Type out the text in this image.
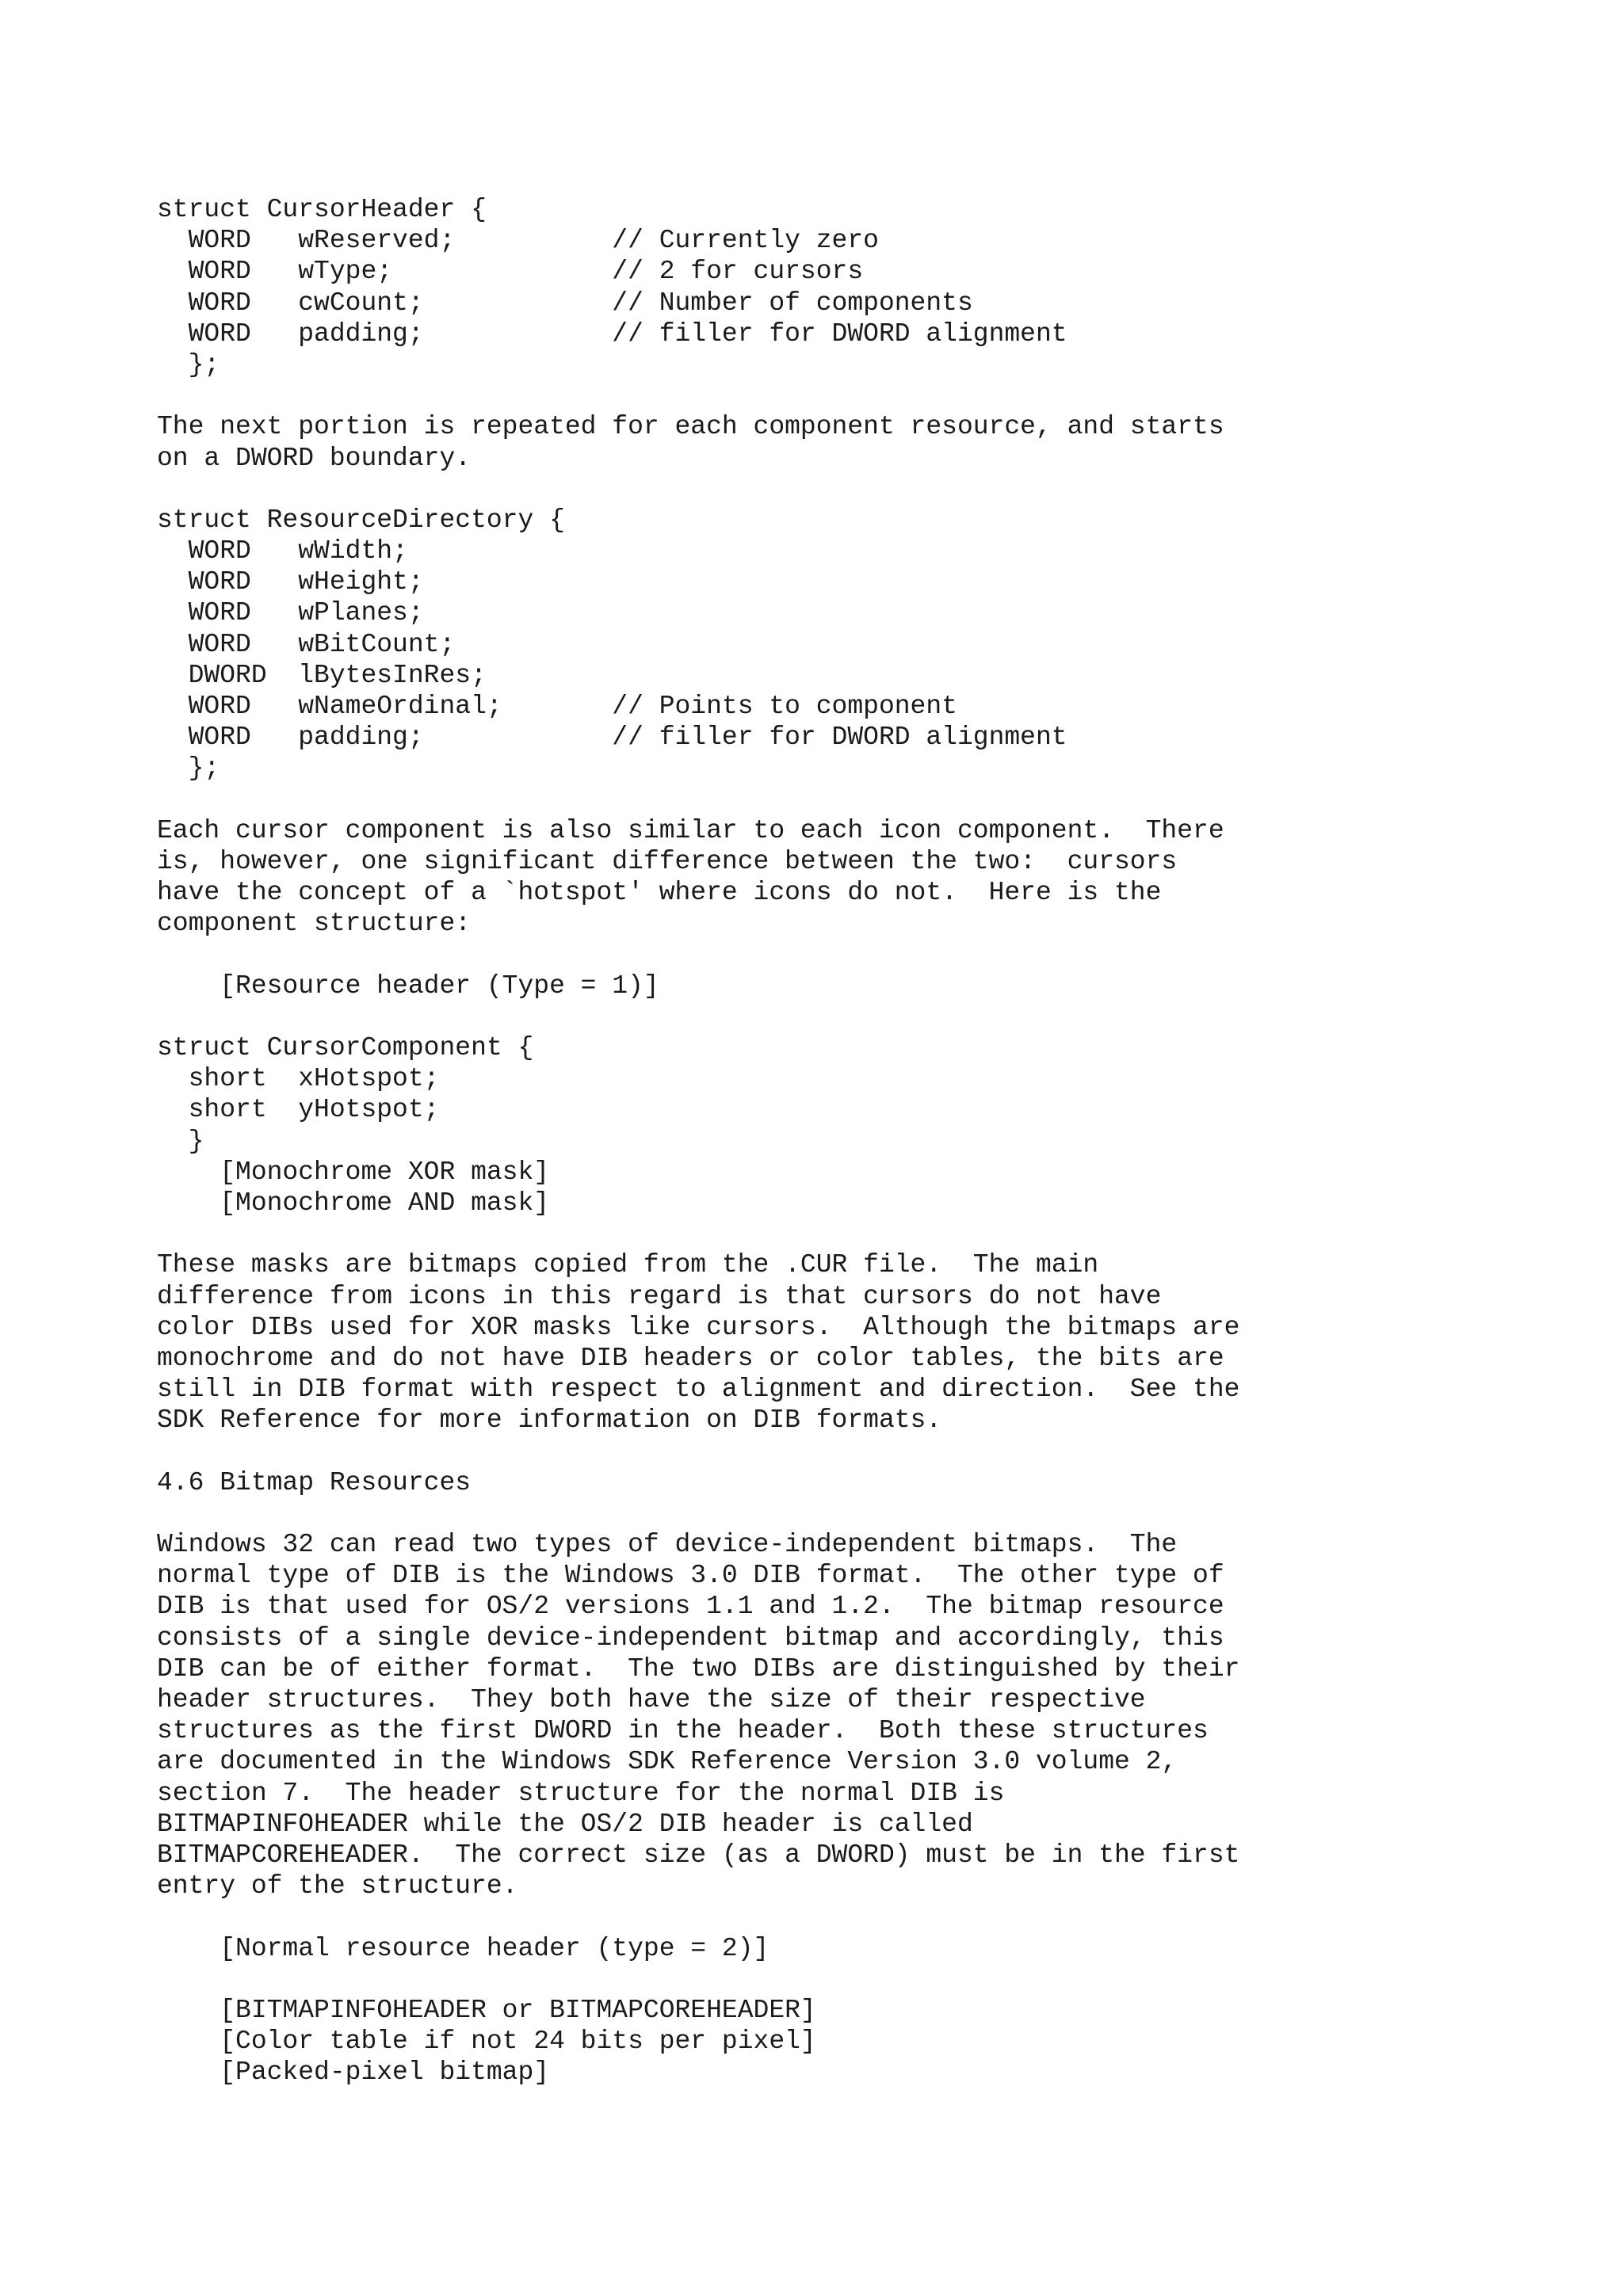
struct CursorHeader {
WORD   wReserved;          // Currently zero
WORD   wType;              // 2 for cursors
WORD   cwCount;            // Number of components
WORD   padding;            // filler for DWORD alignment
};
The next portion is repeated for each component resource, and starts
on a DWORD boundary.
struct ResourceDirectory {
WORD   wWidth;
WORD   wHeight;
WORD   wPlanes;
WORD   wBitCount;
DWORD  lBytesInRes;
WORD   wNameOrdinal;       // Points to component
WORD   padding;            // filler for DWORD alignment
};
Each cursor component is also similar to each icon component.  There
is, however, one significant difference between the two:  cursors
have the concept of a `hotspot' where icons do not.  Here is the
component structure:
[Resource header (Type = 1)]
struct CursorComponent {
short  xHotspot;
short  yHotspot;
}
[Monochrome XOR mask]
[Monochrome AND mask]
These masks are bitmaps copied from the .CUR file.  The main
difference from icons in this regard is that cursors do not have
color DIBs used for XOR masks like cursors.  Although the bitmaps are
monochrome and do not have DIB headers or color tables, the bits are
still in DIB format with respect to alignment and direction.  See the
SDK Reference for more information on DIB formats.
4.6 Bitmap Resources
Windows 32 can read two types of device-independent bitmaps.  The
normal type of DIB is the Windows 3.0 DIB format.  The other type of
DIB is that used for OS/2 versions 1.1 and 1.2.  The bitmap resource
consists of a single device-independent bitmap and accordingly, this
DIB can be of either format.  The two DIBs are distinguished by their
header structures.  They both have the size of their respective
structures as the first DWORD in the header.  Both these structures
are documented in the Windows SDK Reference Version 3.0 volume 2,
section 7.  The header structure for the normal DIB is
BITMAPINFOHEADER while the OS/2 DIB header is called
BITMAPCOREHEADER.  The correct size (as a DWORD) must be in the first
entry of the structure.
[Normal resource header (type = 2)]
[BITMAPINFOHEADER or BITMAPCOREHEADER]
[Color table if not 24 bits per pixel]
[Packed-pixel bitmap]
